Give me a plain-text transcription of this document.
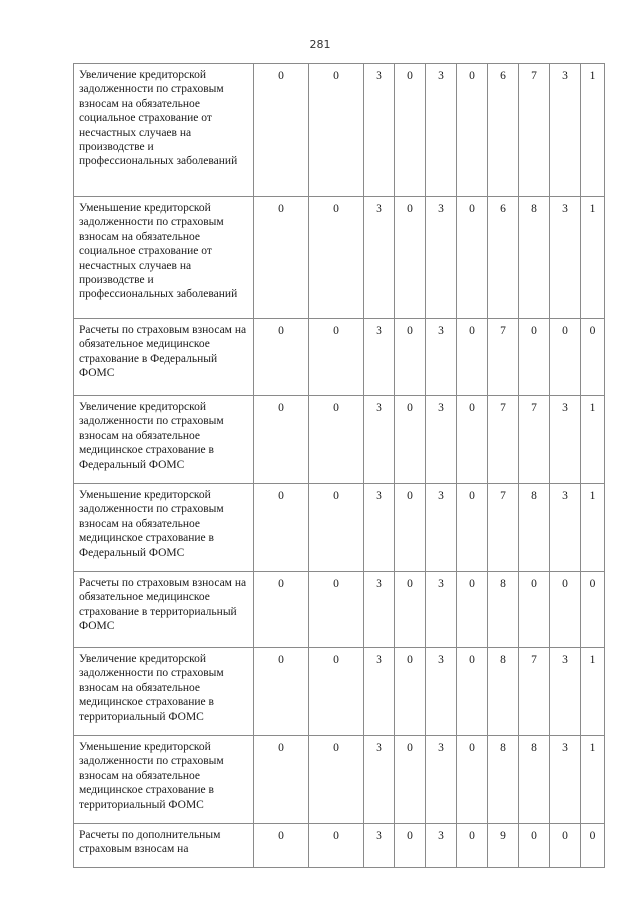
281
Увеличение кредиторской задолженности по страховым взносам на обязательное социальное страхование от несчастных случаев на производстве и профессиональных заболеваний	0	0	3	0	3	0	6	7	3	1
Уменьшение кредиторской задолженности по страховым взносам на обязательное социальное страхование от несчастных случаев на производстве и профессиональных заболеваний	0	0	3	0	3	0	6	8	3	1
Расчеты по страховым взносам на обязательное медицинское страхование в Федеральный ФОМС	0	0	3	0	3	0	7	0	0	0
Увеличение кредиторской задолженности по страховым взносам на обязательное медицинское страхование в Федеральный ФОМС	0	0	3	0	3	0	7	7	3	1
Уменьшение кредиторской задолженности по страховым взносам на обязательное медицинское страхование в Федеральный ФОМС	0	0	3	0	3	0	7	8	3	1
Расчеты по страховым взносам на обязательное медицинское страхование в территориальный ФОМС	0	0	3	0	3	0	8	0	0	0
Увеличение кредиторской задолженности по страховым взносам на обязательное медицинское страхование в территориальный ФОМС	0	0	3	0	3	0	8	7	3	1
Уменьшение кредиторской задолженности по страховым взносам на обязательное медицинское страхование в территориальный ФОМС	0	0	3	0	3	0	8	8	3	1
Расчеты по дополнительным страховым взносам на	0	0	3	0	3	0	9	0	0	0
